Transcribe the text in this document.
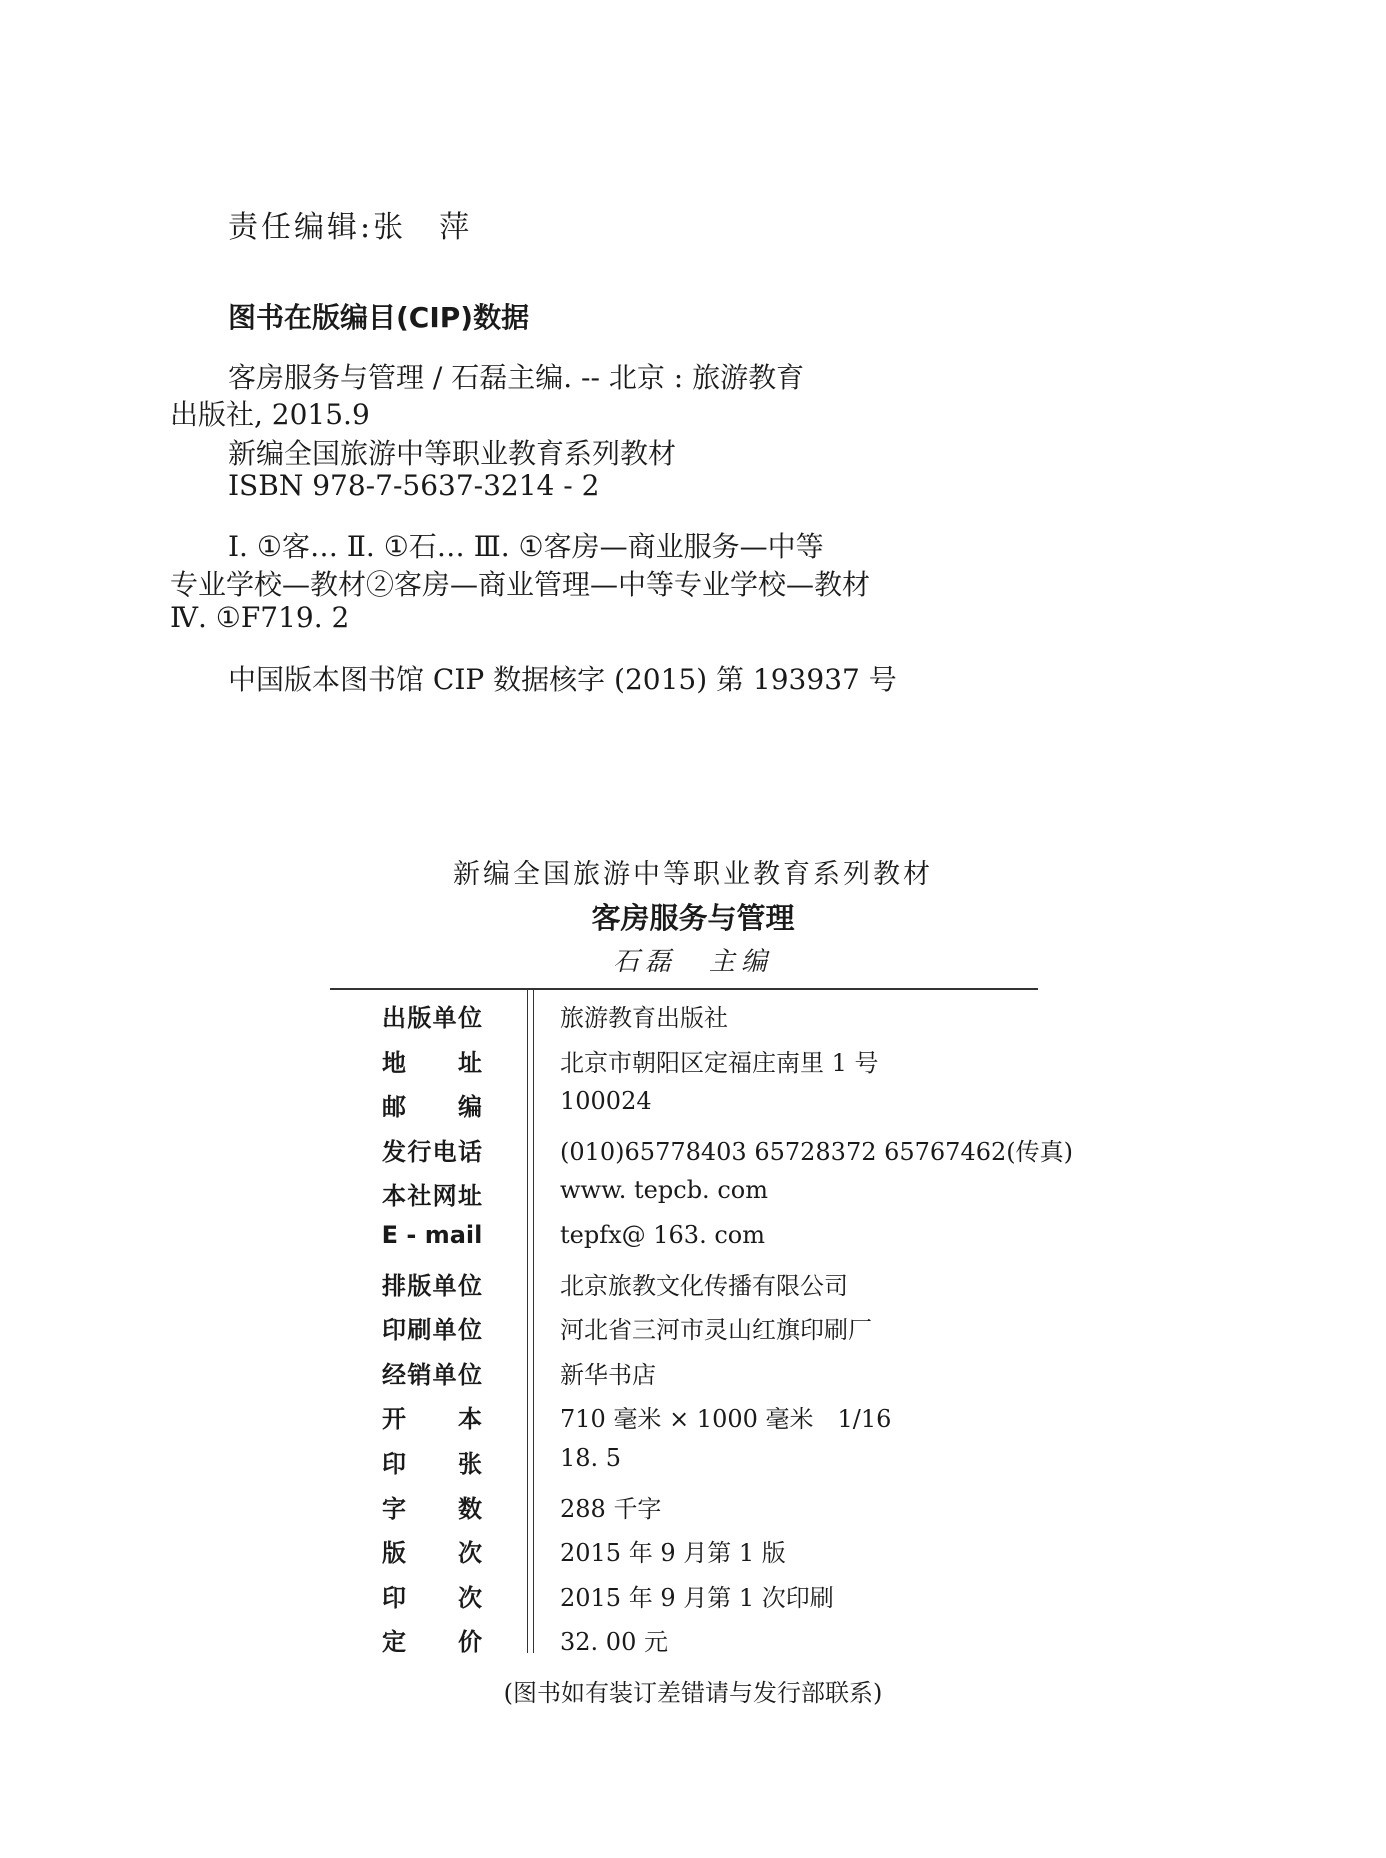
责任编辑:张　萍
图书在版编目(CIP)数据
客房服务与管理 / 石磊主编. -- 北京 : 旅游教育
出版社, 2015.9
新编全国旅游中等职业教育系列教材
ISBN 978-7-5637-3214 - 2
Ⅰ. ①客… Ⅱ. ①石… Ⅲ. ①客房—商业服务—中等
专业学校—教材②客房—商业管理—中等专业学校—教材
Ⅳ. ①F719. 2
中国版本图书馆 CIP 数据核字 (2015) 第 193937 号
新编全国旅游中等职业教育系列教材
客房服务与管理
石磊　主编
出 版 单 位	旅游教育出版社
地 址	北京市朝阳区定福庄南里 1 号
邮 编	100024
发 行 电 话	(010)65778403 65728372 65767462(传真)
本 社 网 址	www. tepcb. com
E - mail	tepfx@ 163. com
排 版 单 位	北京旅教文化传播有限公司
印 刷 单 位	河北省三河市灵山红旗印刷厂
经 销 单 位	新华书店
开 本	710 毫米 × 1000 毫米　1/16
印 张	18. 5
字 数	288 千字
版 次	2015 年 9 月第 1 版
印 次	2015 年 9 月第 1 次印刷
定 价	32. 00 元
(图书如有装订差错请与发行部联系)
